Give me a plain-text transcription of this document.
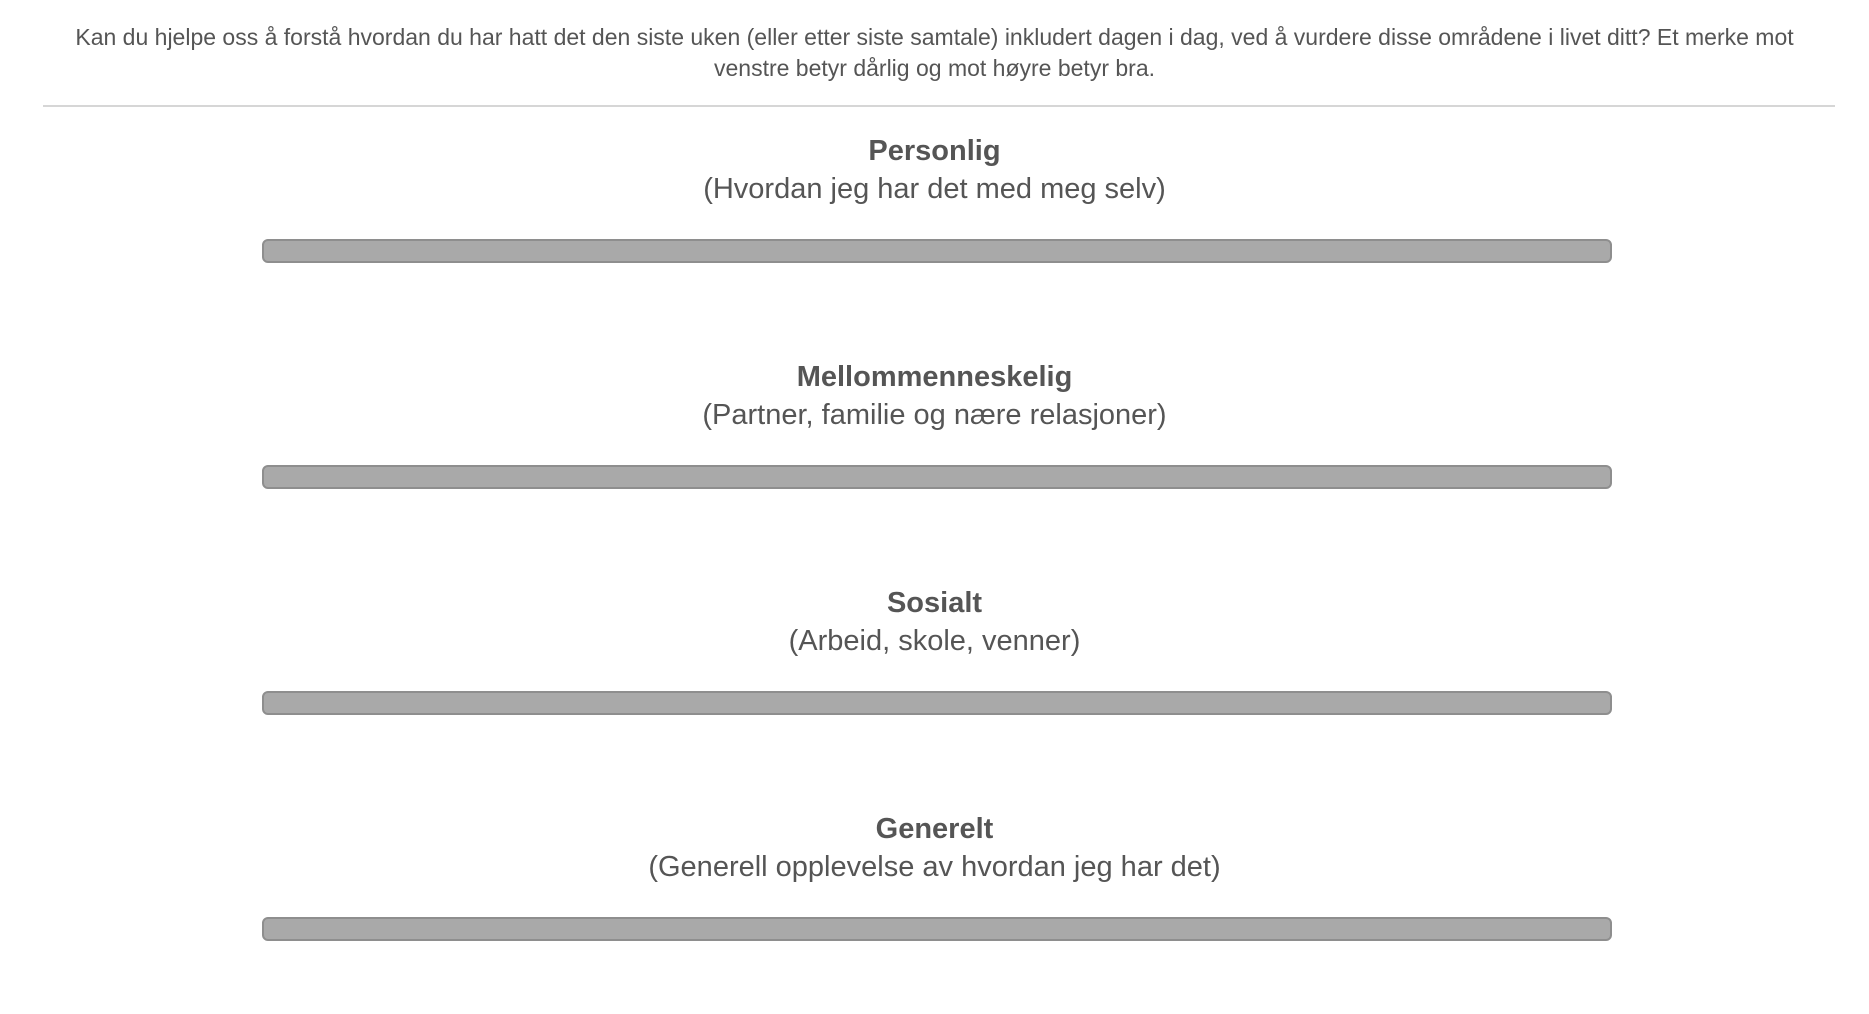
Kan du hjelpe oss å forstå hvordan du har hatt det den siste uken (eller etter siste samtale) inkludert dagen i dag, ved å vurdere disse områdene i livet ditt? Et merke mot venstre betyr dårlig og mot høyre betyr bra.

Personlig
(Hvordan jeg har det med meg selv)
Mellommenneskelig
(Partner, familie og nære relasjoner)
Sosialt
(Arbeid, skole, venner)
Generelt
(Generell opplevelse av hvordan jeg har det)
